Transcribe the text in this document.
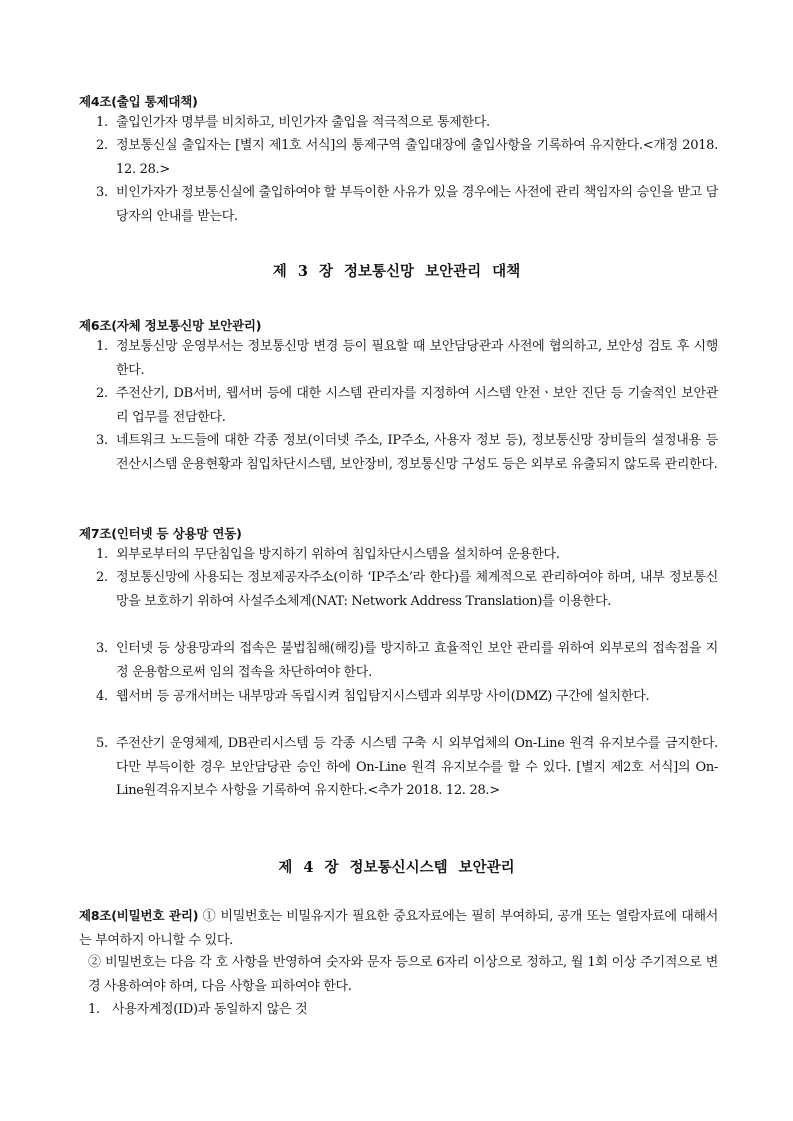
제4조(출입 통제대책)
1. 출입인가자 명부를 비치하고, 비인가자 출입을 적극적으로 통제한다.
2. 정보통신실 출입자는 [별지 제1호 서식]의 통제구역 출입대장에 출입사항을 기록하여 유지한다.<개정 2018. 12. 28.>
3. 비인가자가 정보통신실에 출입하여야 할 부득이한 사유가 있을 경우에는 사전에 관리 책임자의 승인을 받고 담당자의 안내를 받는다.
제 3 장 정보통신망 보안관리 대책
제6조(자체 정보통신망 보안관리)
1. 정보통신망 운영부서는 정보통신망 변경 등이 필요할 때 보안담당관과 사전에 협의하고, 보안성 검토 후 시행한다.
2. 주전산기, DB서버, 웹서버 등에 대한 시스템 관리자를 지정하여 시스템 안전ㆍ보안 진단 등 기술적인 보안관리 업무를 전담한다.
3. 네트워크 노드들에 대한 각종 정보(이더넷 주소, IP주소, 사용자 정보 등), 정보통신망 장비들의 설정내용 등 전산시스템 운용현황과 침입차단시스템, 보안장비, 정보통신망 구성도 등은 외부로 유출되지 않도록 관리한다.
제7조(인터넷 등 상용망 연동)
1. 외부로부터의 무단침입을 방지하기 위하여 침입차단시스템을 설치하여 운용한다.
2. 정보통신망에 사용되는 정보제공자주소(이하 ‘IP주소’라 한다)를 체계적으로 관리하여야 하며, 내부 정보통신망을 보호하기 위하여 사설주소체계(NAT: Network Address Translation)를 이용한다.
3. 인터넷 등 상용망과의 접속은 불법침해(해킹)를 방지하고 효율적인 보안 관리를 위하여 외부로의 접속점을 지정 운용함으로써 임의 접속을 차단하여야 한다.
4. 웹서버 등 공개서버는 내부망과 독립시켜 침입탐지시스템과 외부망 사이(DMZ) 구간에 설치한다.
5. 주전산기 운영체제, DB관리시스템 등 각종 시스템 구축 시 외부업체의 On-Line 원격 유지보수를 금지한다. 다만 부득이한 경우 보안담당관 승인 하에 On-Line 원격 유지보수를 할 수 있다. [별지 제2호 서식]의 On-Line원격유지보수 사항을 기록하여 유지한다.<추가 2018. 12. 28.>
제 4 장 정보통신시스템 보안관리

제8조(비밀번호 관리) ① 비밀번호는 비밀유지가 필요한 중요자료에는 필히 부여하되, 공개 또는 열람자료에 대해서는 부여하지 아니할 수 있다.

② 비밀번호는 다음 각 호 사항을 반영하여 숫자와 문자 등으로 6자리 이상으로 정하고, 월 1회 이상 주기적으로 변경 사용하여야 하며, 다음 사항을 피하여야 한다.

1. 사용자계정(ID)과 동일하지 않은 것
